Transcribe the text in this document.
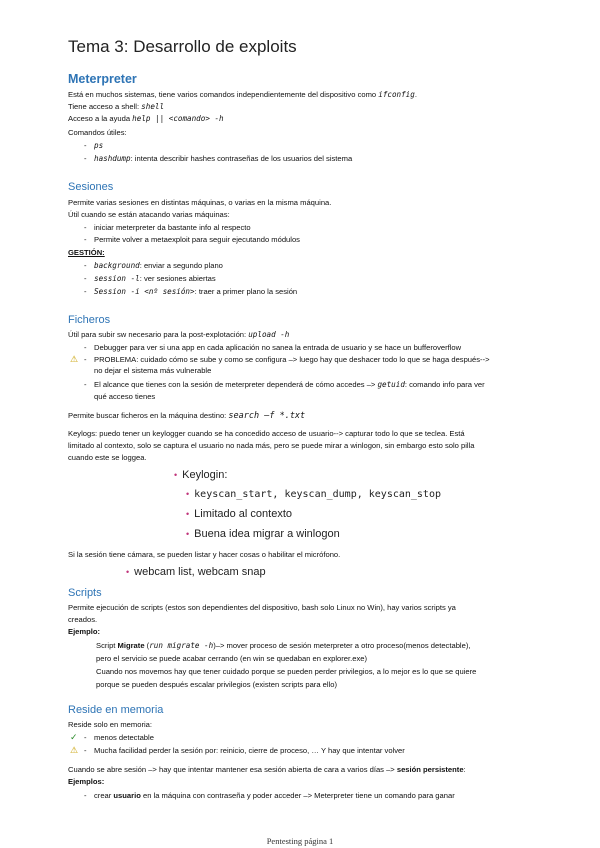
Tema 3: Desarrollo de exploits
Meterpreter
Está en muchos sistemas, tiene varios comandos independientemente del dispositivo como ifconfig.
Tiene acceso a shell: shell
Acceso a la ayuda help || <comando> -h
Comandos útiles:
- ps
- hashdump: intenta describir hashes contraseñas de los usuarios del sistema
Sesiones
Permite varias sesiones en distintas máquinas, o varias en la misma máquina.
Útil cuando se están atacando varias máquinas:
- iniciar meterpreter da bastante info al respecto
- Permite volver a metaexploit para seguir ejecutando módulos
GESTIÓN:
- background: enviar a segundo plano
- session -l: ver sesiones abiertas
- Session -i <nº sesión>: traer a primer plano la sesión
Ficheros
Útil para subir sw necesario para la post-explotación: upload -h
- Debugger para ver si una app en cada aplicación no sanea la entrada de usuario y se hace un bufferoverflow
⚠ - PROBLEMA: cuidado cómo se sube y como se configura –> luego hay que deshacer todo lo que se haga después-->
no dejar el sistema más vulnerable
- El alcance que tienes con la sesión de meterpreter dependerá de cómo accedes –> getuid: comando info para ver
qué acceso tienes
Permite buscar ficheros en la máquina destino: search –f *.txt
Keylogs: puedo tener un keylogger cuando se ha concedido acceso de usuario--> capturar todo lo que se teclea. Está
limitado al contexto, solo se captura el usuario no nada más, pero se puede mirar a winlogon, sin embargo esto solo pilla
cuando este se loggea.
• Keylogin:
• keyscan_start, keyscan_dump, keyscan_stop
• Limitado al contexto
• Buena idea migrar a winlogon
Si la sesión tiene cámara, se pueden listar y hacer cosas o habilitar el micrófono.
• webcam list, webcam snap
Scripts
Permite ejecución de scripts (estos son dependientes del dispositivo, bash solo Linux no Win), hay varios scripts ya
creados.
Ejemplo:
Script Migrate (run migrate -h)–> mover proceso de sesión meterpreter a otro proceso(menos detectable),
pero el servicio se puede acabar cerrando (en win se quedaban en explorer.exe)
Cuando nos movemos hay que tener cuidado porque se pueden perder privilegios, a lo mejor es lo que se quiere
porque se pueden después escalar privilegios (existen scripts para ello)
Reside en memoria
Reside solo en memoria:
✓ - menos detectable
⚠ - Mucha facilidad perder la sesión por: reinicio, cierre de proceso, … Y hay que intentar volver
Cuando se abre sesión –> hay que intentar mantener esa sesión abierta de cara a varios días –> sesión persistente:
Ejemplos:
- crear usuario en la máquina con contraseña y poder acceder –> Meterpreter tiene un comando para ganar
Pentesting página 1
